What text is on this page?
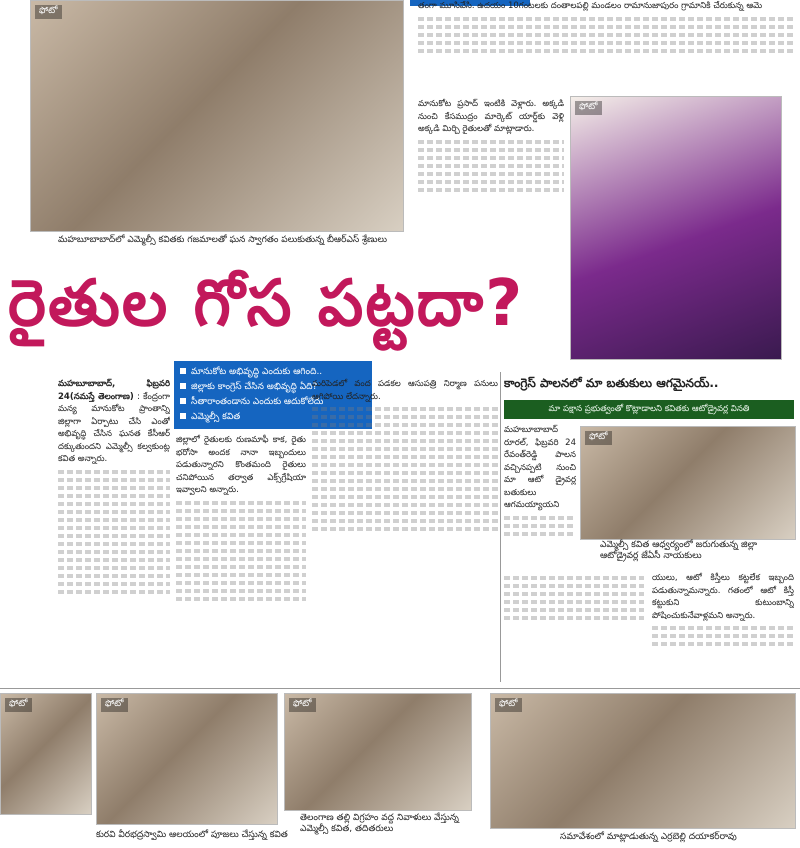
ఫోటో
మహబూబాబాద్‌లో ఎమ్మెల్సీ కవితకు గజమాలతో ఘన స్వాగతం పలుకుతున్న బీఆర్‌ఎస్ శ్రేణులు
ఫోటో
తంగా మూసివేసి. ఉదయం 10గంటలకు దంతాలపల్లి మండలం రామానుజాపురం గ్రామానికి చేరుకున్న ఆమె
మానుకోట ప్రసాద్ ఇంటికి వెళ్లారు. అక్కడి నుంచి కేసముద్రం మార్కెట్ యార్డ్‌కు వెళ్లి అక్కడి మిర్చి రైతులతో మాట్లాడారు.
రైతుల గోస పట్టదా?
మానుకోట అభివృద్ధి ఎందుకు ఆగింది..
జిల్లాకు కాంగ్రెస్ చేసిన అభివృద్ధి ఏది?
సీతారాంతండాను ఎందుకు ఆదుకోలేదు
ఎమ్మెల్సీ కవిత
మహబూబాబాద్, ఫిబ్రవరి 24(నమస్తే తెలంగాణ) : కేంద్రంగా మన్య మానుకోట ప్రాంతాన్ని జిల్లాగా ఏర్పాటు చేసి ఎంతో అభివృద్ధి చేసిన ఘనత కేసీఆర్ దక్కుతుందని ఎమ్మెల్సీ కల్వకుంట్ల కవిత అన్నారు.
జిల్లాలో రైతులకు రుణమాఫీ కాక, రైతు భరోసా అందక నానా ఇబ్బందులు పడుతున్నారని కొంతమంది రైతులు చనిపోయిన తర్వాత ఎక్స్‌గ్రేషియా ఇవ్వాలని అన్నారు.
మరిపెడలో వంద పడకల ఆసుపత్రి నిర్మాణ పనులు ఆగిపోయి లేదన్నారు.
కాంగ్రెస్ పాలనలో మా బతుకులు ఆగమైనయ్..
మా పక్షాన ప్రభుత్వంతో కొట్లాడాలని కవితకు ఆటోడ్రైవర్ల వినతి
మహబూబాబాద్ రూరల్, ఫిబ్రవరి 24 రేవంత్‌రెడ్డి పాలన వచ్చినప్పటి నుంచి మా ఆటో డ్రైవర్ల బతుకులు ఆగమయ్యాయని
ఫోటో
ఎమ్మెల్సీ కవిత ఆధ్వర్యంలో జరుగుతున్న జిల్లా ఆటోడ్రైవర్ల జేఏసీ నాయకులు
యులు, ఆటో కిస్తీలు కట్టలేక ఇబ్బంది పడుతున్నామన్నారు. గతంలో ఆటో కిస్తీ కట్టుకుని కుటుంబాన్ని పోషించుకునేవాళ్లమని అన్నారు.
ఫోటో	ఫోటో
కురవి వీరభద్రస్వామి ఆలయంలో పూజలు చేస్తున్న కవిత
ఫోటో
తెలంగాణ తల్లి విగ్రహం వద్ద నివాళులు వేస్తున్న ఎమ్మెల్సీ కవిత, తదితరులు
ఫోటో
సమావేశంలో మాట్లాడుతున్న ఎర్రబెల్లి దయాకర్‌రావు
